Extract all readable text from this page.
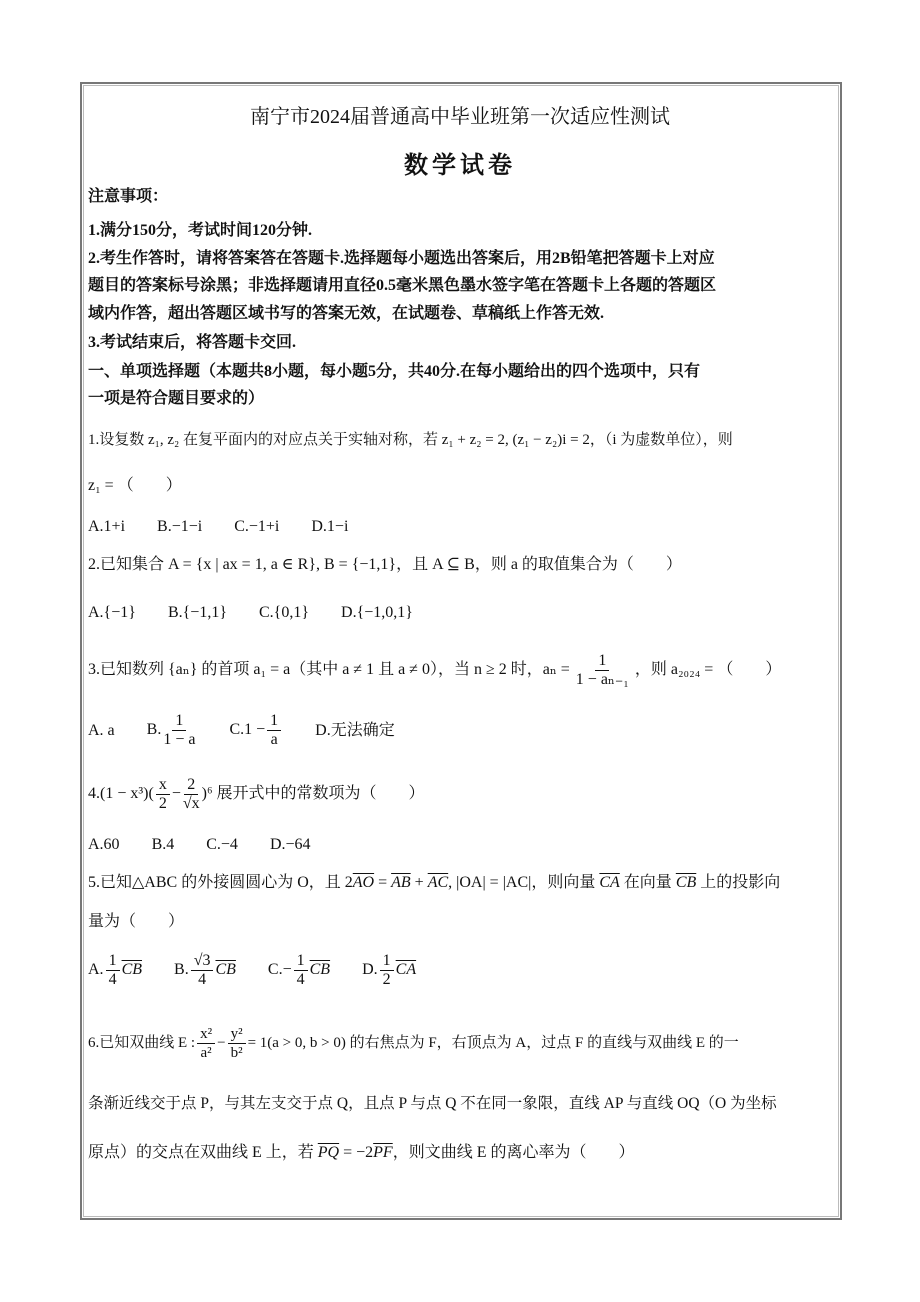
南宁市2024届普通高中毕业班第一次适应性测试
数学试卷
注意事项：
1.满分150分，考试时间120分钟.
2.考生作答时，请将答案答在答题卡.选择题每小题选出答案后，用2B铅笔把答题卡上对应
题目的答案标号涂黑；非选择题请用直径0.5毫米黑色墨水签字笔在答题卡上各题的答题区
域内作答，超出答题区域书写的答案无效，在试题卷、草稿纸上作答无效.
3.考试结束后，将答题卡交回.
一、单项选择题（本题共8小题，每小题5分，共40分.在每小题给出的四个选项中，只有
一项是符合题目要求的）
1.设复数 z₁, z₂ 在复平面内的对应点关于实轴对称，若 z₁ + z₂ = 2, (z₁ − z₂)i = 2，（i 为虚数单位），则
z₁ = （　　）
A.1+i B.−1−i C.−1+i D.1−i
2.已知集合 A = {x | ax = 1, a ∈ R}, B = {−1,1}，且 A ⊆ B，则 a 的取值集合为（　　）
A.{−1} B.{−1,1} C.{0,1} D.{−1,0,1}
3.已知数列 {aₙ} 的首项 a₁ = a（其中 a ≠ 1 且 a ≠ 0），当 n ≥ 2 时，$a_n = \frac{1}{\text{1 − aₙ₋₁}}$ ，则 a₂₀₂₄ = （　　）
A. a B. $\frac{1}{1 - a} C.1 - \frac{1}{a} D$.无法确定
$4.(1 - x^3)( \frac{x}{2} - \frac{2}{√x} )^6$ 展开式中的常数项为（　　）
A.60 B.4 C.−4 D.−64
5.已知△ABC 的外接圆圆心为 O，且 $2\overline{AO} = \overline{AB} + \overline{AC}$, |OA| = |AC|，则向量 $\overline{CA}$ 在向量 $\overline{CB}$ 上的投影向
量为（　　）
A. $\frac{1}{4} \overline{CB}$ B. $\frac{√3}{4} \overline{CB}$ $C.- \frac{1}{4} \overline{CB}$ D. $\frac{1}{2} \overline{CA}$
6.已知双曲线 E : $\frac{\text{x²}}{\text{a²}} - \frac{\text{y²}}{\text{b²}} = 1(a > 0$, b > 0) 的右焦点为 F，右顶点为 A，过点 F 的直线与双曲线 E 的一
条渐近线交于点 P，与其左支交于点 Q，且点 P 与点 Q 不在同一象限，直线 AP 与直线 OQ（O 为坐标
原点）的交点在双曲线 E 上，若 $\overline{PQ} = -2\overline{PF}$，则文曲线 E 的离心率为（　　）
